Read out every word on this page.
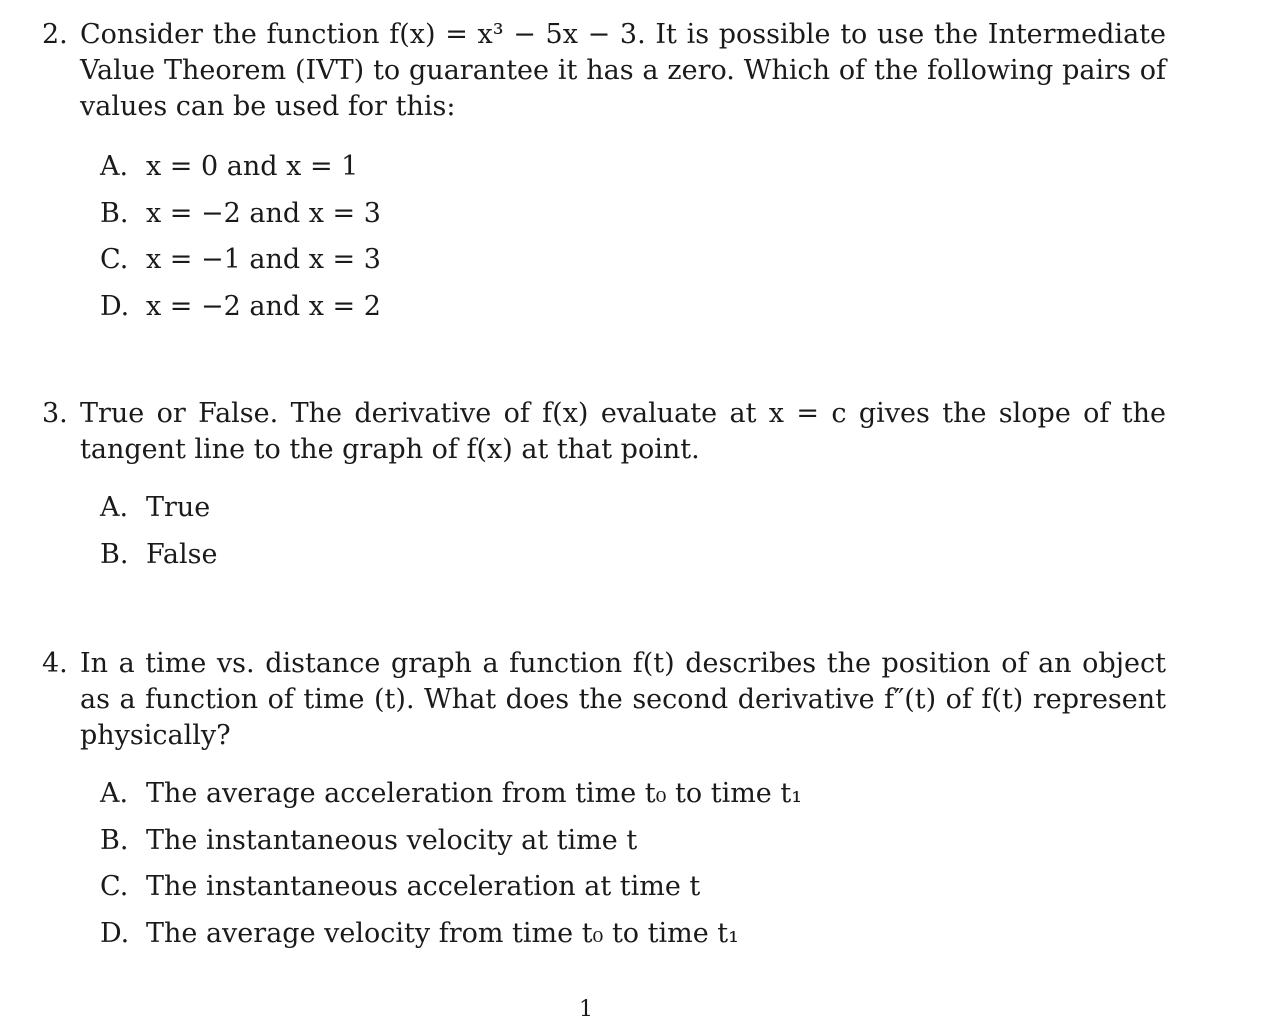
2. Consider the function f(x) = x³ − 5x − 3. It is possible to use the Intermediate Value Theorem (IVT) to guarantee it has a zero. Which of the following pairs of values can be used for this:
A. x = 0 and x = 1
B. x = −2 and x = 3
C. x = −1 and x = 3
D. x = −2 and x = 2
3. True or False. The derivative of f(x) evaluate at x = c gives the slope of the tangent line to the graph of f(x) at that point.
A. True
B. False
4. In a time vs. distance graph a function f(t) describes the position of an object as a function of time (t). What does the second derivative f″(t) of f(t) represent physically?
A. The average acceleration from time t₀ to time t₁
B. The instantaneous velocity at time t
C. The instantaneous acceleration at time t
D. The average velocity from time t₀ to time t₁
1
